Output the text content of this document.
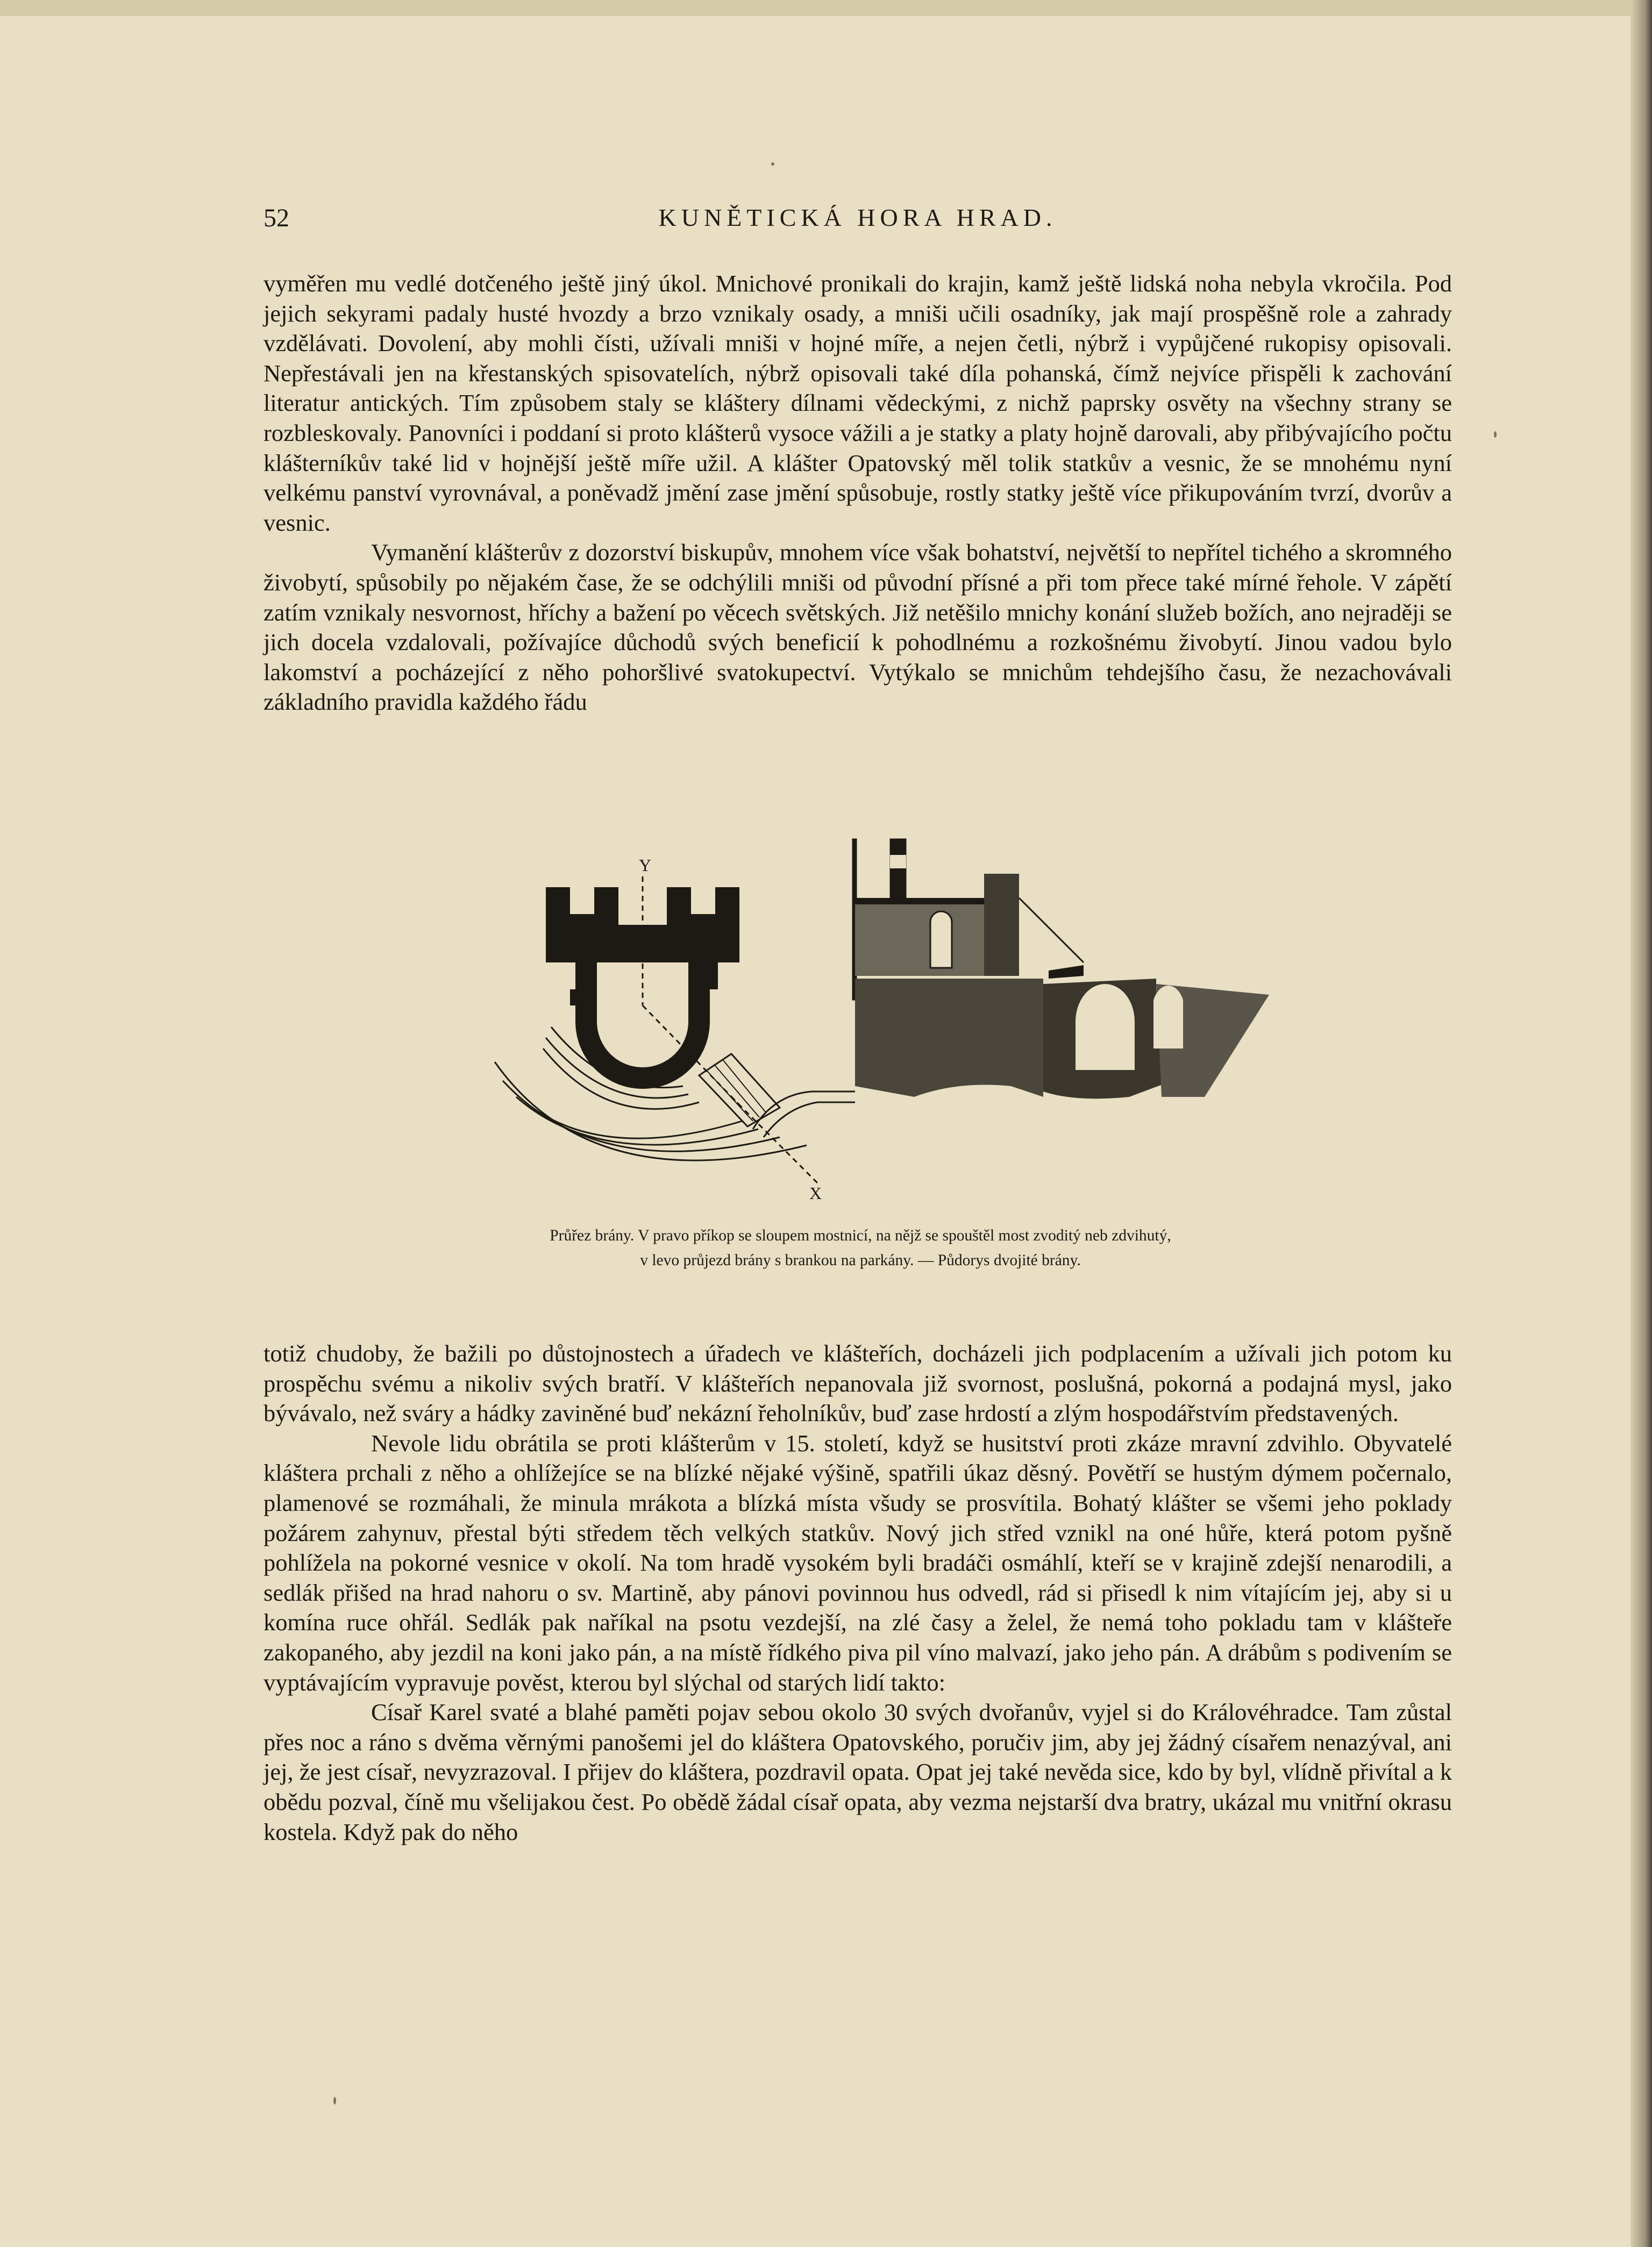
52	KUNĚTICKÁ HORA HRAD.

vyměřen mu vedlé dotčeného ještě jiný úkol. Mnichové pronikali do krajin, kamž ještě lidská noha nebyla vkročila. Pod jejich sekyrami padaly husté hvozdy a brzo vznikaly osady, a mniši učili osadníky, jak mají prospěšně role a zahrady vzdělávati. Dovolení, aby mohli čísti, užívali mniši v hojné míře, a nejen četli, nýbrž i vypůjčené rukopisy opisovali. Nepřestávali jen na křestanských spisovatelích, nýbrž opisovali také díla pohanská, čímž nejvíce přispěli k zachování literatur antických. Tím způsobem staly se kláštery dílnami vědeckými, z nichž paprsky osvěty na všechny strany se rozbleskovaly. Panovníci i poddaní si proto klášterů vysoce vážili a je statky a platy hojně darovali, aby přibývajícího počtu klášterníkův také lid v hojnější ještě míře užil. A klášter Opatovský měl tolik statkův a vesnic, že se mnohému nyní velkému panství vyrovnával, a poněvadž jmění zase jmění spůsobuje, rostly statky ještě více přikupováním tvrzí, dvorův a vesnic.

Vymanění klášterův z dozorství biskupův, mnohem více však bohatství, největší to nepřítel tichého a skromného živobytí, spůsobily po nějakém čase, že se odchýlili mniši od původní přísné a při tom přece také mírné řehole. V zápětí zatím vznikaly nesvornost, hříchy a bažení po věcech světských. Již netěšilo mnichy konání služeb božích, ano nejraději se jich docela vzdalovali, požívajíce důchodů svých beneficií k pohodlnému a rozkošnému živobytí. Jinou vadou bylo lakomství a pocházející z něho pohoršlivé svatokupectví. Vytýkalo se mnichům tehdejšího času, že nezachovávali základního pravidla každého řádu

Y
X
Průřez brány. V pravo příkop se sloupem mostnicí, na nějž se spouštěl most zvoditý neb zdvihutý,
v levo průjezd brány s brankou na parkány. — Půdorys dvojité brány.

totiž chudoby, že bažili po důstojnostech a úřadech ve klášteřích, docházeli jich podplacením a užívali jich potom ku prospěchu svému a nikoliv svých bratří. V klášteřích nepanovala již svornost, poslušná, pokorná a podajná mysl, jako bývávalo, než sváry a hádky zaviněné buď nekázní řeholníkův, buď zase hrdostí a zlým hospodářstvím představených.

Nevole lidu obrátila se proti klášterům v 15. století, když se husitství proti zkáze mravní zdvihlo. Obyvatelé kláštera prchali z něho a ohlížejíce se na blízké nějaké výšině, spatřili úkaz děsný. Povětří se hustým dýmem počernalo, plamenové se rozmáhali, že minula mrákota a blízká místa všudy se prosvítila. Bohatý klášter se všemi jeho poklady požárem zahynuv, přestal býti středem těch velkých statkův. Nový jich střed vznikl na oné hůře, která potom pyšně pohlížela na pokorné vesnice v okolí. Na tom hradě vysokém byli bradáči osmáhlí, kteří se v krajině zdejší nenarodili, a sedlák přišed na hrad nahoru o sv. Martině, aby pánovi povinnou hus odvedl, rád si přisedl k nim vítajícím jej, aby si u komína ruce ohřál. Sedlák pak naříkal na psotu vezdejší, na zlé časy a želel, že nemá toho pokladu tam v klášteře zakopaného, aby jezdil na koni jako pán, a na místě řídkého piva pil víno malvazí, jako jeho pán. A drábům s podivením se vyptávajícím vypravuje pověst, kterou byl slýchal od starých lidí takto:

Císař Karel svaté a blahé paměti pojav sebou okolo 30 svých dvořanův, vyjel si do Královéhradce. Tam zůstal přes noc a ráno s dvěma věrnými panošemi jel do kláštera Opatovského, poručiv jim, aby jej žádný císařem nenazýval, ani jej, že jest císař, nevyzrazoval. I přijev do kláštera, pozdravil opata. Opat jej také nevěda sice, kdo by byl, vlídně přivítal a k obědu pozval, číně mu všelijakou čest. Po obědě žádal císař opata, aby vezma nejstarší dva bratry, ukázal mu vnitřní okrasu kostela. Když pak do něho
